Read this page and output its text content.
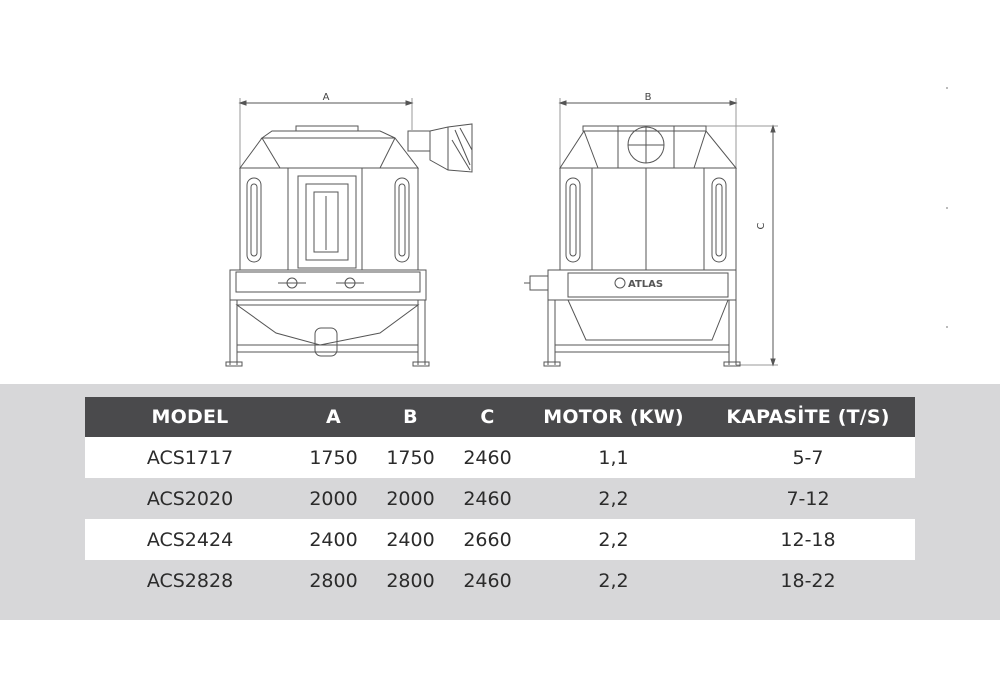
A	B
C
ATLAS
MODEL	A	B	C	MOTOR (KW)	KAPASİTE (T/S)
ACS1717	1750	1750	2460	1,1	5-7
ACS2020	2000	2000	2460	2,2	7-12
ACS2424	2400	2400	2660	2,2	12-18
ACS2828	2800	2800	2460	2,2	18-22
